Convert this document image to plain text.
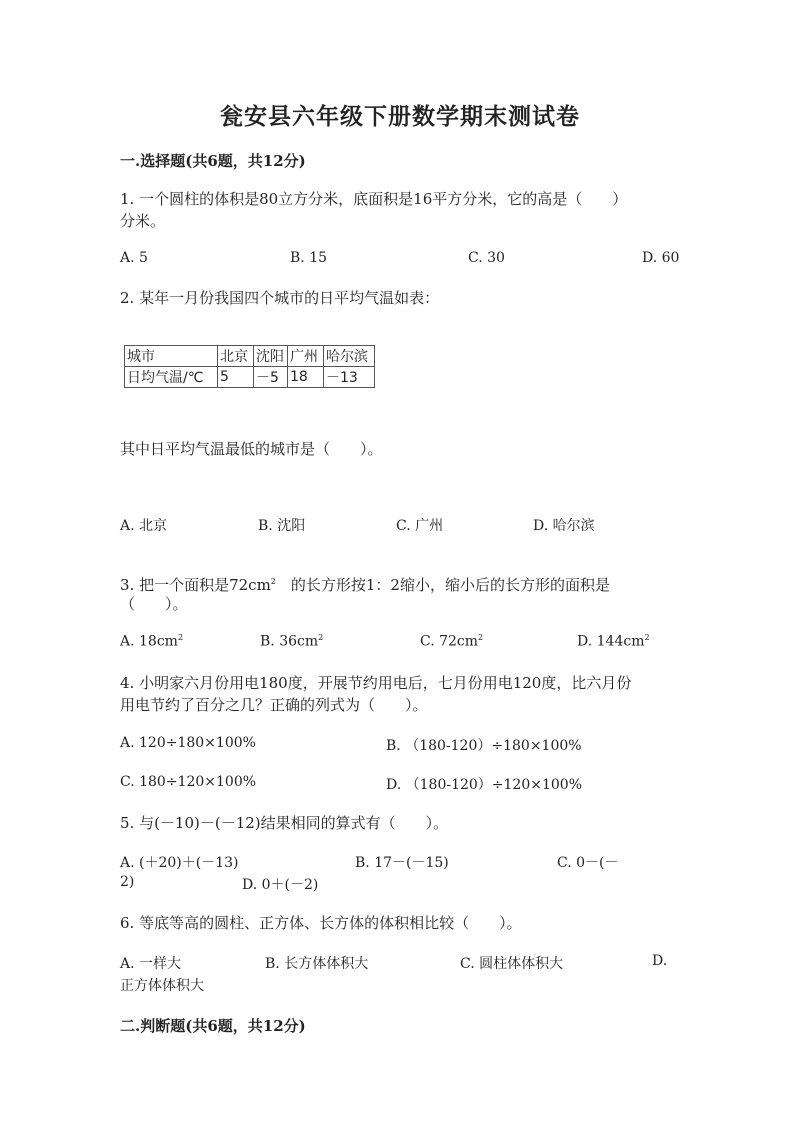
瓮安县六年级下册数学期末测试卷
一.选择题(共6题，共12分)
1. 一个圆柱的体积是80立方分米，底面积是16平方分米，它的高是（　　）
分米。
A. 5	B. 15	C. 30	D. 60
2. 某年一月份我国四个城市的日平均气温如表：
城市	北京	沈阳	广州	哈尔滨
日均气温/℃	5	－5	18	－13
其中日平均气温最低的城市是（　　）。
A. 北京	B. 沈阳	C. 广州	D. 哈尔滨
3. 把一个面积是$72cm^2$　的长方形按1：2缩小，缩小后的长方形的面积是
（　　）。
A. $18cm^2$	B. $36cm^2$	C. $72cm^2$	D. $144cm^2$
4. 小明家六月份用电180度，开展节约用电后，七月份用电120度，比六月份
用电节约了百分之几？正确的列式为（　　）。
A. 120÷180×100%	B. （180-120）÷180×100%
C. 180÷120×100%	D. （180-120）÷120×100%
5. 与(－10)－(－12)结果相同的算式有（　　）。
A. (＋20)＋(－13)	B. 17－(－15)	C. 0－(－
2)	D. 0＋(－2)
6. 等底等高的圆柱、正方体、长方体的体积相比较（　　）。
A. 一样大	B. 长方体体积大	C. 圆柱体体积大	D.
正方体体积大
二.判断题(共6题，共12分)
